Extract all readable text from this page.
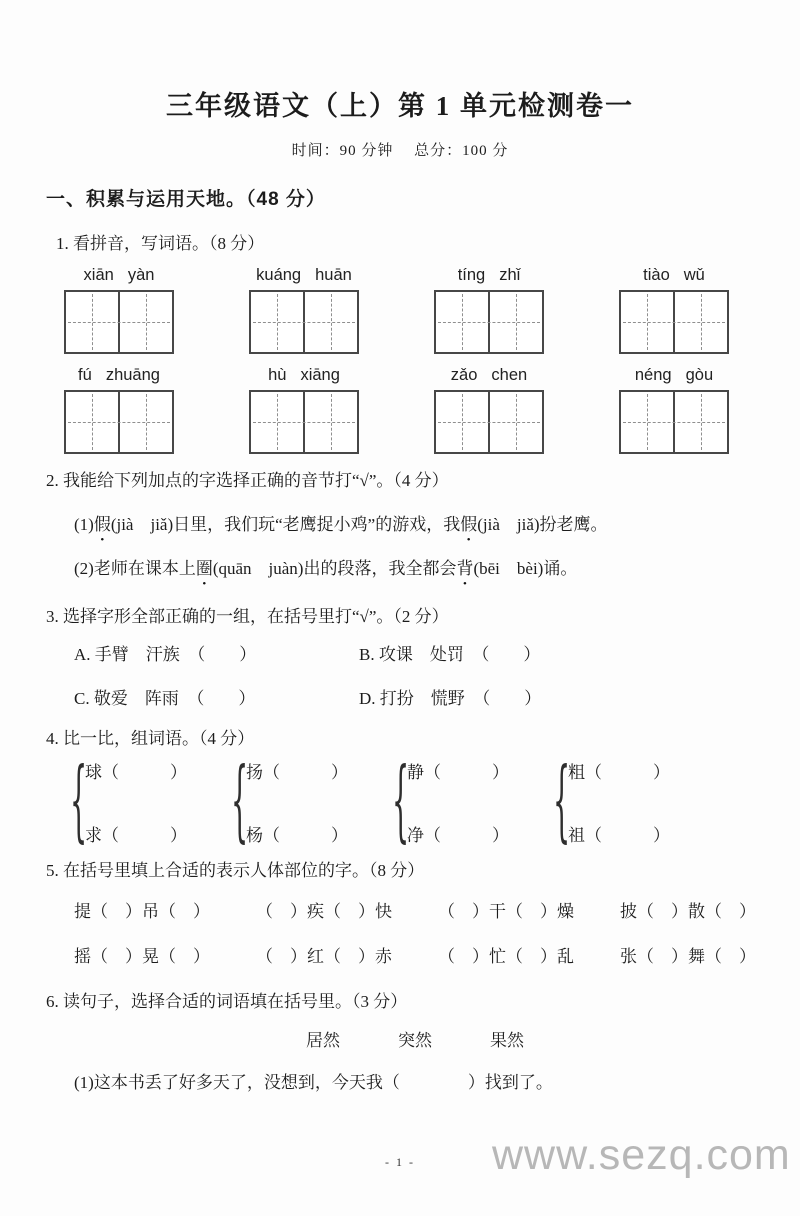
三年级语文（上）第 1 单元检测卷一
时间：90 分钟　 总分：100 分
一、积累与运用天地。（48 分）
1. 看拼音，写词语。（8 分）
xiān yàn	kuáng huān	tíng zhǐ	tiào wǔ
fú zhuāng	hù xiāng	zǎo chen	néng gòu
2. 我能给下列加点的字选择正确的音节打“√”。（4 分）
(1)假(jià　jiǎ)日里，我们玩“老鹰捉小鸡”的游戏，我假(jià　jiǎ)扮老鹰。
(2)老师在课本上圈(quān　juàn)出的段落，我全都会背(bēi　bèi)诵。
3. 选择字形全部正确的一组，在括号里打“√”。（2 分）
A. 手臂　汗族　（　　）	B. 攻课　处罚　（　　）
C. 敬爱　阵雨　（　　）	D. 打扮　慌野　（　　）
4. 比一比，组词语。（4 分）
{
球（　　　）
求（　　　） {
扬（　　　）
杨（　　　） {
静（　　　）
净（　　　） {
粗（　　　）
祖（　　　）
5. 在括号里填上合适的表示人体部位的字。（8 分）
提（　）吊（　）	（　）疾（　）快	（　）干（　）燥	披（　）散（　）
摇（　）晃（　）	（　）红（　）赤	（　）忙（　）乱	张（　）舞（　）
6. 读句子，选择合适的词语填在括号里。（3 分）
居然	突然	果然
(1)这本书丢了好多天了，没想到，今天我（　　　　）找到了。
- 1 -	www.sezq.com
